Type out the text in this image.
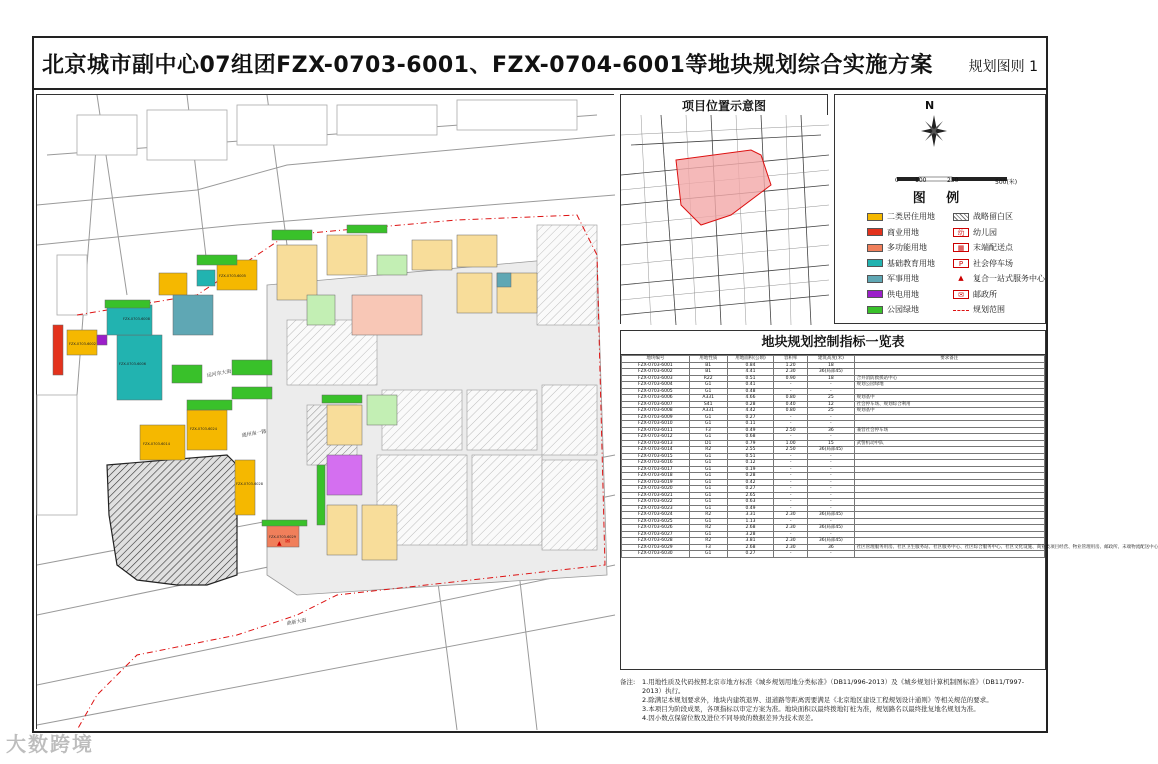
北京城市副中心07组团FZX-0703-6001、FZX-0704-6001等地块规划综合实施方案	规划图则 1
运河东大街
通州南一路
曲新大街
FZX-0703-6002
FZX-0703-6005
FZX-0703-6006
FZX-0703-6008
FZX-0703-6014
FZX-0703-6024
FZX-0703-6028
FZX-0703-6029
▲ ✉
项目位置示意图	N
0	100	250	500(米)
图 例
二类居住用地	战略留白区
商业用地	幼	幼儿园
多功能用地	▦	末端配送点
基础教育用地	P	社会停车场
军事用地	▲	复合一站式服务中心
供电用地	✉	邮政所
公园绿地	规划范围
地块规划控制指标一览表
地块编号	用地性质	用地面积(公顷)	容积率	建筑高度(米)	要求备注
FZX-0703-6001	B1	0.84	1.20	18	
FZX-0703-6002	B1	4.41	2.30	36(局部45)	
FZX-0703-6003	R22	0.51	0.90	18	合并消防救援站中心
FZX-0703-6004	G1	0.41	-	-	规划公园绿地
FZX-0703-6005	G1	0.48	-	-	
FZX-0703-6006	A331	4.66	0.80	25	规划基中
FZX-0703-6007	S41	0.28	0.40	12	社会停车场、规划综合利用
FZX-0703-6008	A331	4.42	0.80	25	规划基中
FZX-0703-6009	G1	0.27	-	-	
FZX-0703-6010	G1	0.11	-	-	
FZX-0703-6011	F3	0.49	2.50	36	兼营社会停车场
FZX-0703-6012	G1	0.68	-	-	
FZX-0703-6013	D1	0.79	1.00	15	武警机动中队
FZX-0703-6014	R2	2.55	2.50	36(局部45)	
FZX-0703-6015	G1	0.51	-	-	
FZX-0703-6016	G1	0.12	-	-	
FZX-0703-6017	G1	0.19	-	-	
FZX-0703-6018	G1	0.28	-	-	
FZX-0703-6019	G1	0.42	-	-	
FZX-0703-6020	G1	0.27	-	-	
FZX-0703-6021	G1	2.65	-	-	
FZX-0703-6022	G1	0.63	-	-	
FZX-0703-6023	G1	0.49	-	-	
FZX-0703-6024	R2	3.31	2.30	36(局部45)	
FZX-0703-6025	G1	1.13	-	-	
FZX-0703-6026	R2	2.68	2.30	36(局部45)	
FZX-0703-6027	G1	3.28	-	-	
FZX-0703-6028	R2	3.81	2.30	36(局部45)	
FZX-0703-6029	F3	2.68	2.30	36	社区管理服务用房、社区卫生服务站、社区服务中心、社区综合服务中心、社区文化设施、商业类项目经营、物业管理用房、邮政所、末端物流配送中心
FZX-0703-6030	G1	0.27	-	-	
备注: 1.用地性质及代码按照北京市地方标准《城乡规划用地分类标准》（DB11/996-2013）及《城乡规划计算机制图标准》（DB11/T997-2013）执行。
2.除满足本规划要求外，地块内建筑退界、退道路等距离需要满足《北京地区建设工程规划设计通则》等相关规范的要求。
3.本项目为阶段成果，各项指标以审定方案为准。地块面积以最终拨地钉桩为准，规划路名以最终批复地名规划为准。
4.因小数点保留位数及进位不同导致的数据差异为技术误差。
大数跨境
